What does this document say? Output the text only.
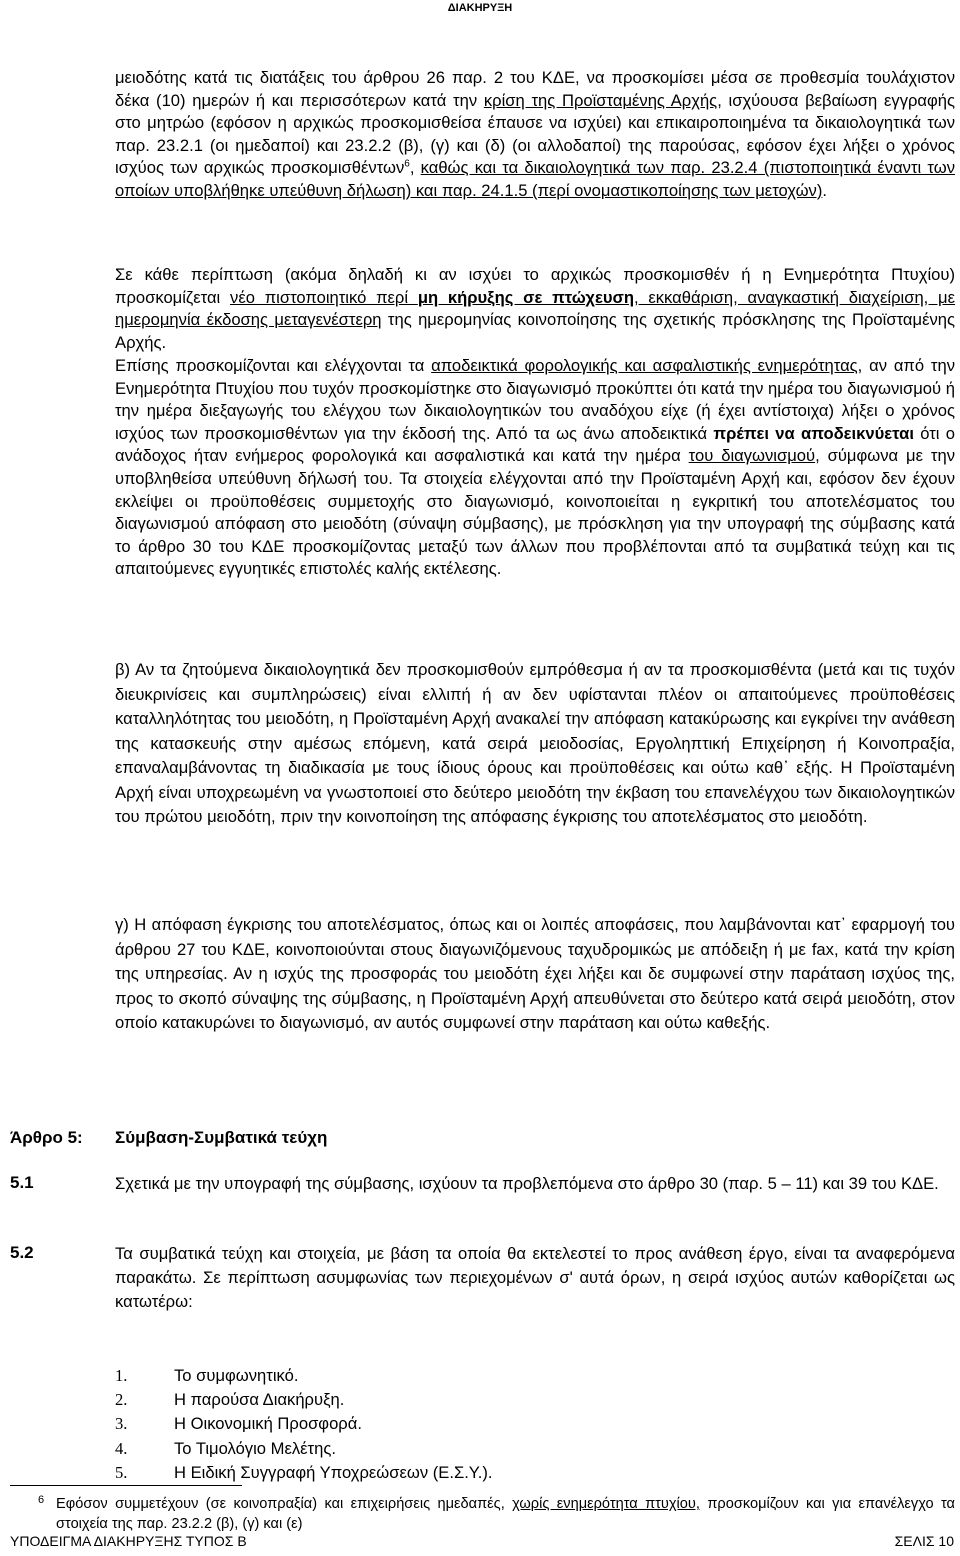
ΔΙΑΚΗΡΥΞΗ

μειοδότης κατά τις διατάξεις του άρθρου 26 παρ. 2 του ΚΔΕ, να προσκομίσει μέσα σε προθεσμία τουλάχιστον δέκα (10) ημερών ή και περισσότερων κατά την κρίση της Προϊσταμένης Αρχής, ισχύουσα βεβαίωση εγγραφής στο μητρώο (εφόσον η αρχικώς προσκομισθείσα έπαυσε να ισχύει) και επικαιροποιημένα τα δικαιολογητικά των παρ. 23.2.1 (οι ημεδαποί) και 23.2.2 (β), (γ) και (δ) (οι αλλοδαποί) της παρούσας, εφόσον έχει λήξει ο χρόνος ισχύος των αρχικώς προσκομισθέντων$^6$, καθώς και τα δικαιολογητικά των παρ. 23.2.4 (πιστοποιητικά έναντι των οποίων υποβλήθηκε υπεύθυνη δήλωση) και παρ. 24.1.5 (περί ονομαστικοποίησης των μετοχών).

Σε κάθε περίπτωση (ακόμα δηλαδή κι αν ισχύει το αρχικώς προσκομισθέν ή η Ενημερότητα Πτυχίου) προσκομίζεται νέο πιστοποιητικό περί μη κήρυξης σε πτώχευση, εκκαθάριση, αναγκαστική διαχείριση, με ημερομηνία έκδοσης μεταγενέστερη της ημερομηνίας κοινοποίησης της σχετικής πρόσκλησης της Προϊσταμένης Αρχής.

Επίσης προσκομίζονται και ελέγχονται τα αποδεικτικά φορολογικής και ασφαλιστικής ενημερότητας, αν από την Ενημερότητα Πτυχίου που τυχόν προσκομίστηκε στο διαγωνισμό προκύπτει ότι κατά την ημέρα του διαγωνισμού ή την ημέρα διεξαγωγής του ελέγχου των δικαιολογητικών του αναδόχου είχε (ή έχει αντίστοιχα) λήξει ο χρόνος ισχύος των προσκομισθέντων για την έκδοσή της. Από τα ως άνω αποδεικτικά πρέπει να αποδεικνύεται ότι ο ανάδοχος ήταν ενήμερος φορολογικά και ασφαλιστικά και κατά την ημέρα του διαγωνισμού, σύμφωνα με την υποβληθείσα υπεύθυνη δήλωσή του. Τα στοιχεία ελέγχονται από την Προϊσταμένη Αρχή και, εφόσον δεν έχουν εκλείψει οι προϋποθέσεις συμμετοχής στο διαγωνισμό, κοινοποιείται η εγκριτική του αποτελέσματος του διαγωνισμού απόφαση στο μειοδότη (σύναψη σύμβασης), με πρόσκληση για την υπογραφή της σύμβασης κατά το άρθρο 30 του ΚΔΕ προσκομίζοντας μεταξύ των άλλων που προβλέπονται από τα συμβατικά τεύχη και τις απαιτούμενες εγγυητικές επιστολές καλής εκτέλεσης.

β) Αν τα ζητούμενα δικαιολογητικά δεν προσκομισθούν εμπρόθεσμα ή αν τα προσκομισθέντα (μετά και τις τυχόν διευκρινίσεις και συμπληρώσεις) είναι ελλιπή ή αν δεν υφίστανται πλέον οι απαιτούμενες προϋποθέσεις καταλληλότητας του μειοδότη, η Προϊσταμένη Αρχή ανακαλεί την απόφαση κατακύρωσης και εγκρίνει την ανάθεση της κατασκευής στην αμέσως επόμενη, κατά σειρά μειοδοσίας, Εργοληπτική Επιχείρηση ή Κοινοπραξία, επαναλαμβάνοντας τη διαδικασία με τους ίδιους όρους και προϋποθέσεις και ούτω καθ᾽ εξής. Η Προϊσταμένη Αρχή είναι υποχρεωμένη να γνωστοποιεί στο δεύτερο μειοδότη την έκβαση του επανελέγχου των δικαιολογητικών του πρώτου μειοδότη, πριν την κοινοποίηση της απόφασης έγκρισης του αποτελέσματος στο μειοδότη.

γ) Η απόφαση έγκρισης του αποτελέσματος, όπως και οι λοιπές αποφάσεις, που λαμβάνονται κατ᾽ εφαρμογή του άρθρου 27 του ΚΔΕ, κοινοποιούνται στους διαγωνιζόμενους ταχυδρομικώς με απόδειξη ή με fax, κατά την κρίση της υπηρεσίας. Αν η ισχύς της προσφοράς του μειοδότη έχει λήξει και δε συμφωνεί στην παράταση ισχύος της, προς το σκοπό σύναψης της σύμβασης, η Προϊσταμένη Αρχή απευθύνεται στο δεύτερο κατά σειρά μειοδότη, στον οποίο κατακυρώνει το διαγωνισμό, αν αυτός συμφωνεί στην παράταση και ούτω καθεξής.

Άρθρο 5: Σύμβαση-Συμβατικά τεύχη
5.1	Σχετικά με την υπογραφή της σύμβασης, ισχύουν τα προβλεπόμενα στο άρθρο 30 (παρ. 5 – 11) και 39 του ΚΔΕ.

5.2	Τα συμβατικά τεύχη και στοιχεία, με βάση τα οποία θα εκτελεστεί το προς ανάθεση έργο, είναι τα αναφερόμενα παρακάτω. Σε περίπτωση ασυμφωνίας των περιεχομένων σ' αυτά όρων, η σειρά ισχύος αυτών καθορίζεται ως κατωτέρω:

1.	Το συμφωνητικό.
2.	Η παρούσα Διακήρυξη.
3.	Η Οικονομική Προσφορά.
4.	Το Τιμολόγιο Μελέτης.
5.	Η Ειδική Συγγραφή Υποχρεώσεων (Ε.Σ.Υ.).
6 Εφόσον συμμετέχουν (σε κοινοπραξία) και επιχειρήσεις ημεδαπές, χωρίς ενημερότητα πτυχίου, προσκομίζουν και για επανέλεγχο τα στοιχεία της παρ. 23.2.2 (β), (γ) και (ε)
ΥΠΟΔΕΙΓΜΑ ΔΙΑΚΗΡΥΞΗΣ ΤΥΠΟΣ Β	ΣΕΛΙΣ 10
